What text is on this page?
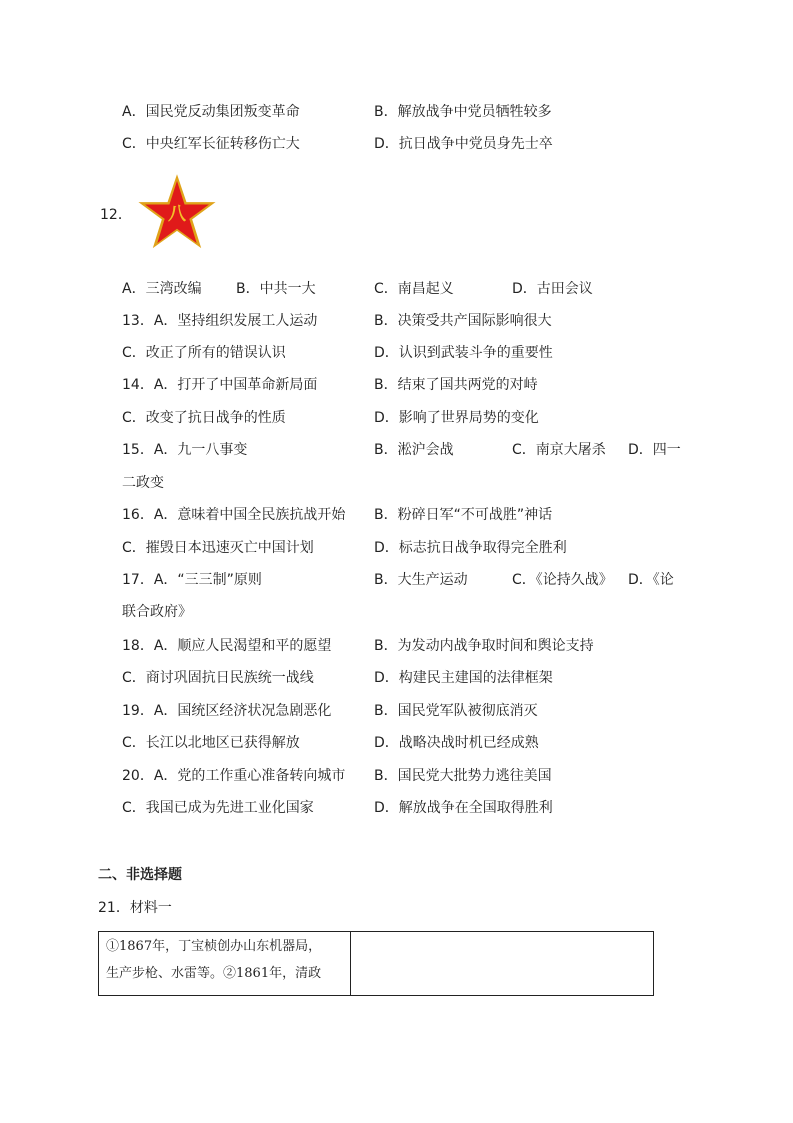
A．国民党反动集团叛变革命	B．解放战争中党员牺牲较多
C．中央红军长征转移伤亡大	D．抗日战争中党员身先士卒
12．
A．三湾改编 B．中共一大	C．南昌起义	D．古田会议
13．A．坚持组织发展工人运动	B．决策受共产国际影响很大
C．改正了所有的错误认识	D．认识到武装斗争的重要性
14．A．打开了中国革命新局面	B．结束了国共两党的对峙
C．改变了抗日战争的性质	D．影响了世界局势的变化
15．A．九一八事变	B．淞沪会战	C．南京大屠杀 D．四一
二政变
16．A．意味着中国全民族抗战开始 B．粉碎日军“不可战胜”神话
C．摧毁日本迅速灭亡中国计划	D．标志抗日战争取得完全胜利
17．A．“三三制”原则	B．大生产运动	C．《论持久战》 D．《论
联合政府》
18．A．顺应人民渴望和平的愿望	B．为发动内战争取时间和舆论支持
C．商讨巩固抗日民族统一战线	D．构建民主建国的法律框架
19．A．国统区经济状况急剧恶化	B．国民党军队被彻底消灭
C．长江以北地区已获得解放	D．战略决战时机已经成熟
20．A．党的工作重心准备转向城市 B．国民党大批势力逃往美国
C．我国已成为先进工业化国家	D．解放战争在全国取得胜利
八
二、非选择题
21．材料一
①1867年，丁宝桢创办山东机器局，
生产步枪、水雷等。②1861年，清政
